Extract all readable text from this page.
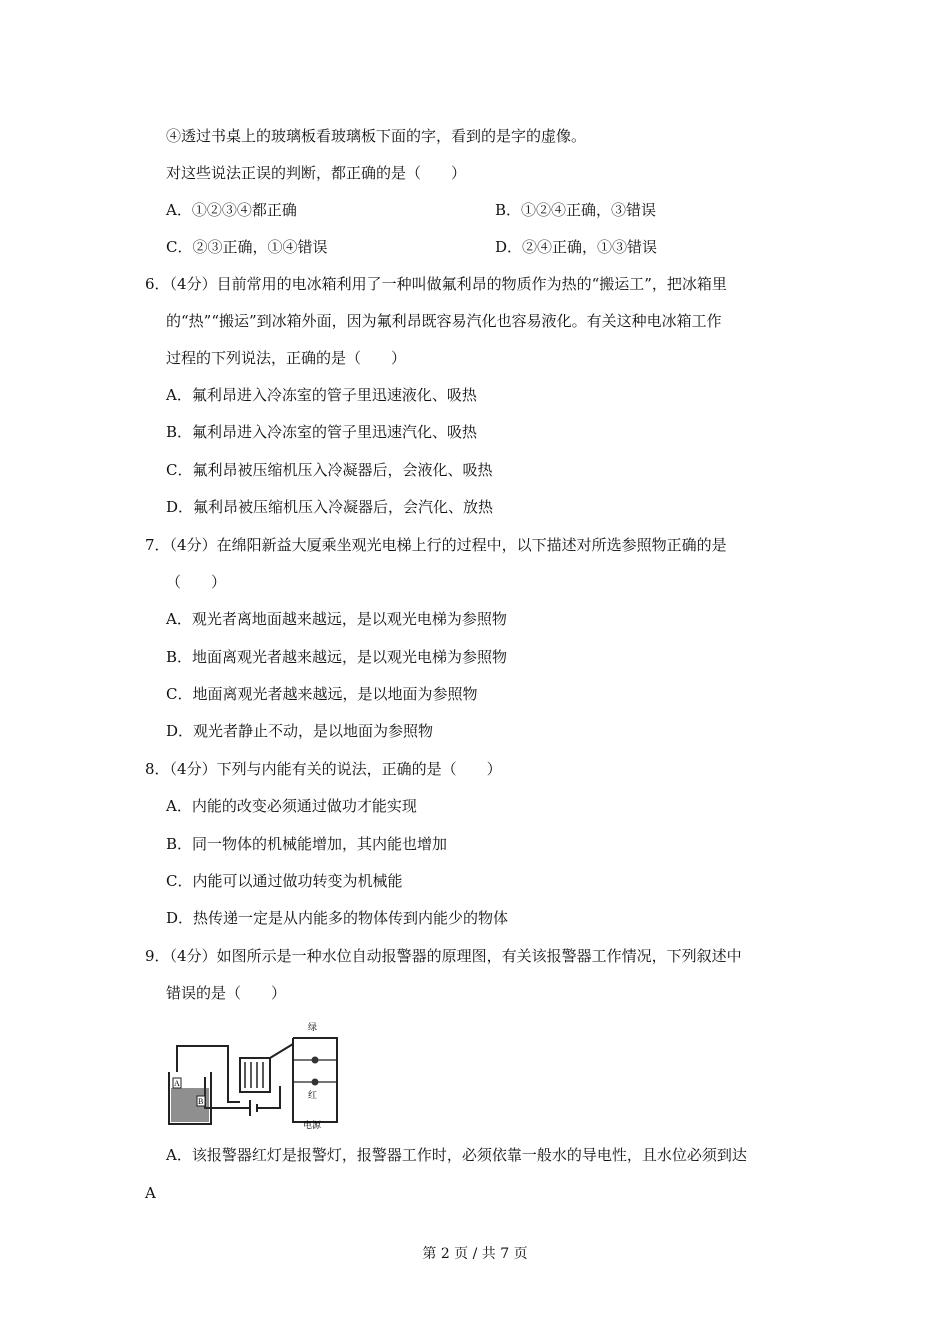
④透过书桌上的玻璃板看玻璃板下面的字，看到的是字的虚像。
对这些说法正误的判断，都正确的是（　　）
A．①②③④都正确	B．①②④正确，③错误
C．②③正确，①④错误	D．②④正确，①③错误
6．（4分）目前常用的电冰箱利用了一种叫做氟利昂的物质作为热的“搬运工”，把冰箱里
的“热”“搬运”到冰箱外面，因为氟利昂既容易汽化也容易液化。有关这种电冰箱工作
过程的下列说法，正确的是（　　）
A．氟利昂进入冷冻室的管子里迅速液化、吸热
B．氟利昂进入冷冻室的管子里迅速汽化、吸热
C．氟利昂被压缩机压入冷凝器后，会液化、吸热
D．氟利昂被压缩机压入冷凝器后，会汽化、放热
7．（4分）在绵阳新益大厦乘坐观光电梯上行的过程中，以下描述对所选参照物正确的是
（　　）
A．观光者离地面越来越远，是以观光电梯为参照物
B．地面离观光者越来越远，是以观光电梯为参照物
C．地面离观光者越来越远，是以地面为参照物
D．观光者静止不动，是以地面为参照物
8．（4分）下列与内能有关的说法，正确的是（　　）
A．内能的改变必须通过做功才能实现
B．同一物体的机械能增加，其内能也增加
C．内能可以通过做功转变为机械能
D．热传递一定是从内能多的物体传到内能少的物体
9．（4分）如图所示是一种水位自动报警器的原理图，有关该报警器工作情况，下列叙述中
错误的是（　　）
A
B
绿
红
电源
A．该报警器红灯是报警灯，报警器工作时，必须依靠一般水的导电性，且水位必须到达
A
第 2 页 / 共 7 页
